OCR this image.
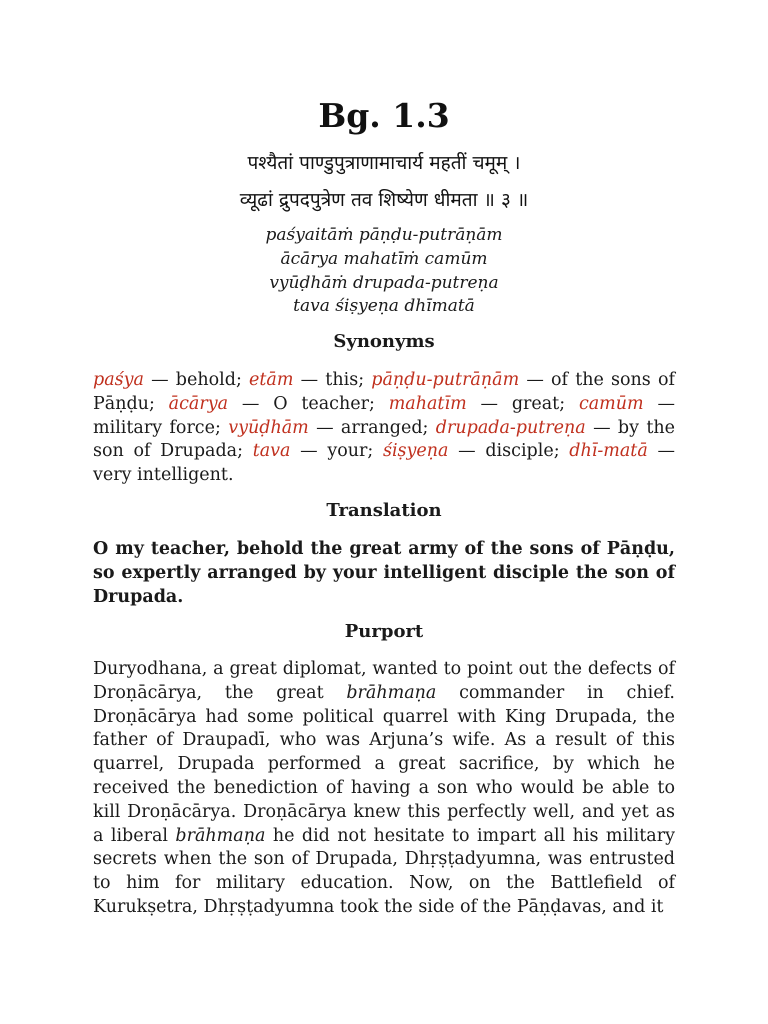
Bg. 1.3
पश्यैतां पाण्डुपुत्राणामाचार्य महतीं चमूम् ।
व्यूढां द्रुपदपुत्रेण तव शिष्येण धीमता ॥ ३ ॥
paśyaitāṁ pāṇḍu-putrāṇām
ācārya mahatīṁ camūm
vyūḍhāṁ drupada-putreṇa
tava śiṣyeṇa dhīmatā
Synonyms
paśya — behold; etām — this; pāṇḍu-putrāṇām — of the sons of Pāṇḍu; ācārya — O teacher; mahatīm — great; camūm — military force; vyūḍhām — arranged; drupada-putreṇa — by the son of Drupada; tava — your; śiṣyeṇa — disciple; dhī-matā — very intelligent.
Translation
O my teacher, behold the great army of the sons of Pāṇḍu, so expertly arranged by your intelligent disciple the son of Drupada.
Purport
Duryodhana, a great diplomat, wanted to point out the defects of Droṇācārya, the great brāhmaṇa commander in chief. Droṇācārya had some political quarrel with King Drupada, the father of Draupadī, who was Arjuna’s wife. As a result of this quarrel, Drupada performed a great sacrifice, by which he received the benediction of having a son who would be able to kill Droṇācārya. Droṇācārya knew this perfectly well, and yet as a liberal brāhmaṇa he did not hesitate to impart all his military secrets when the son of Drupada, Dhṛṣṭadyumna, was entrusted to him for military education. Now, on the Battlefield of Kurukṣetra, Dhṛṣṭadyumna took the side of the Pāṇḍavas, and it
